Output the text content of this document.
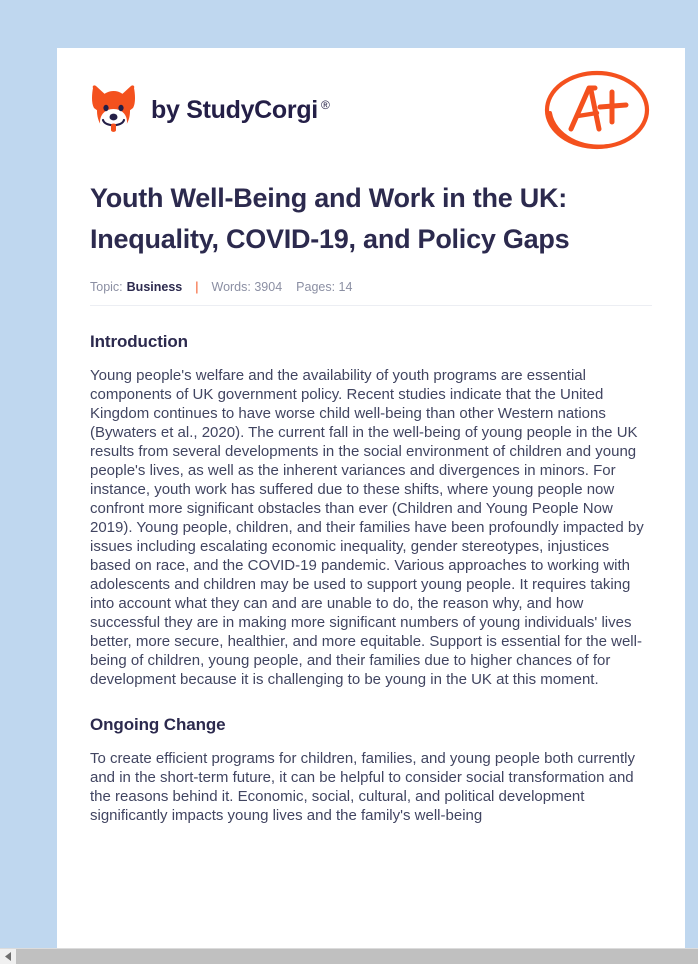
by StudyCorgi ®
Youth Well-Being and Work in the UK: Inequality, COVID-19, and Policy Gaps
Topic: Business | Words: 3904 Pages: 14
Introduction

Young people's welfare and the availability of youth programs are essential components of UK government policy. Recent studies indicate that the United Kingdom continues to have worse child well-being than other Western nations (Bywaters et al., 2020). The current fall in the well-being of young people in the UK results from several developments in the social environment of children and young people's lives, as well as the inherent variances and divergences in minors. For instance, youth work has suffered due to these shifts, where young people now confront more significant obstacles than ever (Children and Young People Now 2019). Young people, children, and their families have been profoundly impacted by issues including escalating economic inequality, gender stereotypes, injustices based on race, and the COVID-19 pandemic. Various approaches to working with adolescents and children may be used to support young people. It requires taking into account what they can and are unable to do, the reason why, and how successful they are in making more significant numbers of young individuals' lives better, more secure, healthier, and more equitable. Support is essential for the well-being of children, young people, and their families due to higher chances of for development because it is challenging to be young in the UK at this moment.

Ongoing Change

To create efficient programs for children, families, and young people both currently and in the short-term future, it can be helpful to consider social transformation and the reasons behind it. Economic, social, cultural, and political development significantly impacts young lives and the family's well-being
